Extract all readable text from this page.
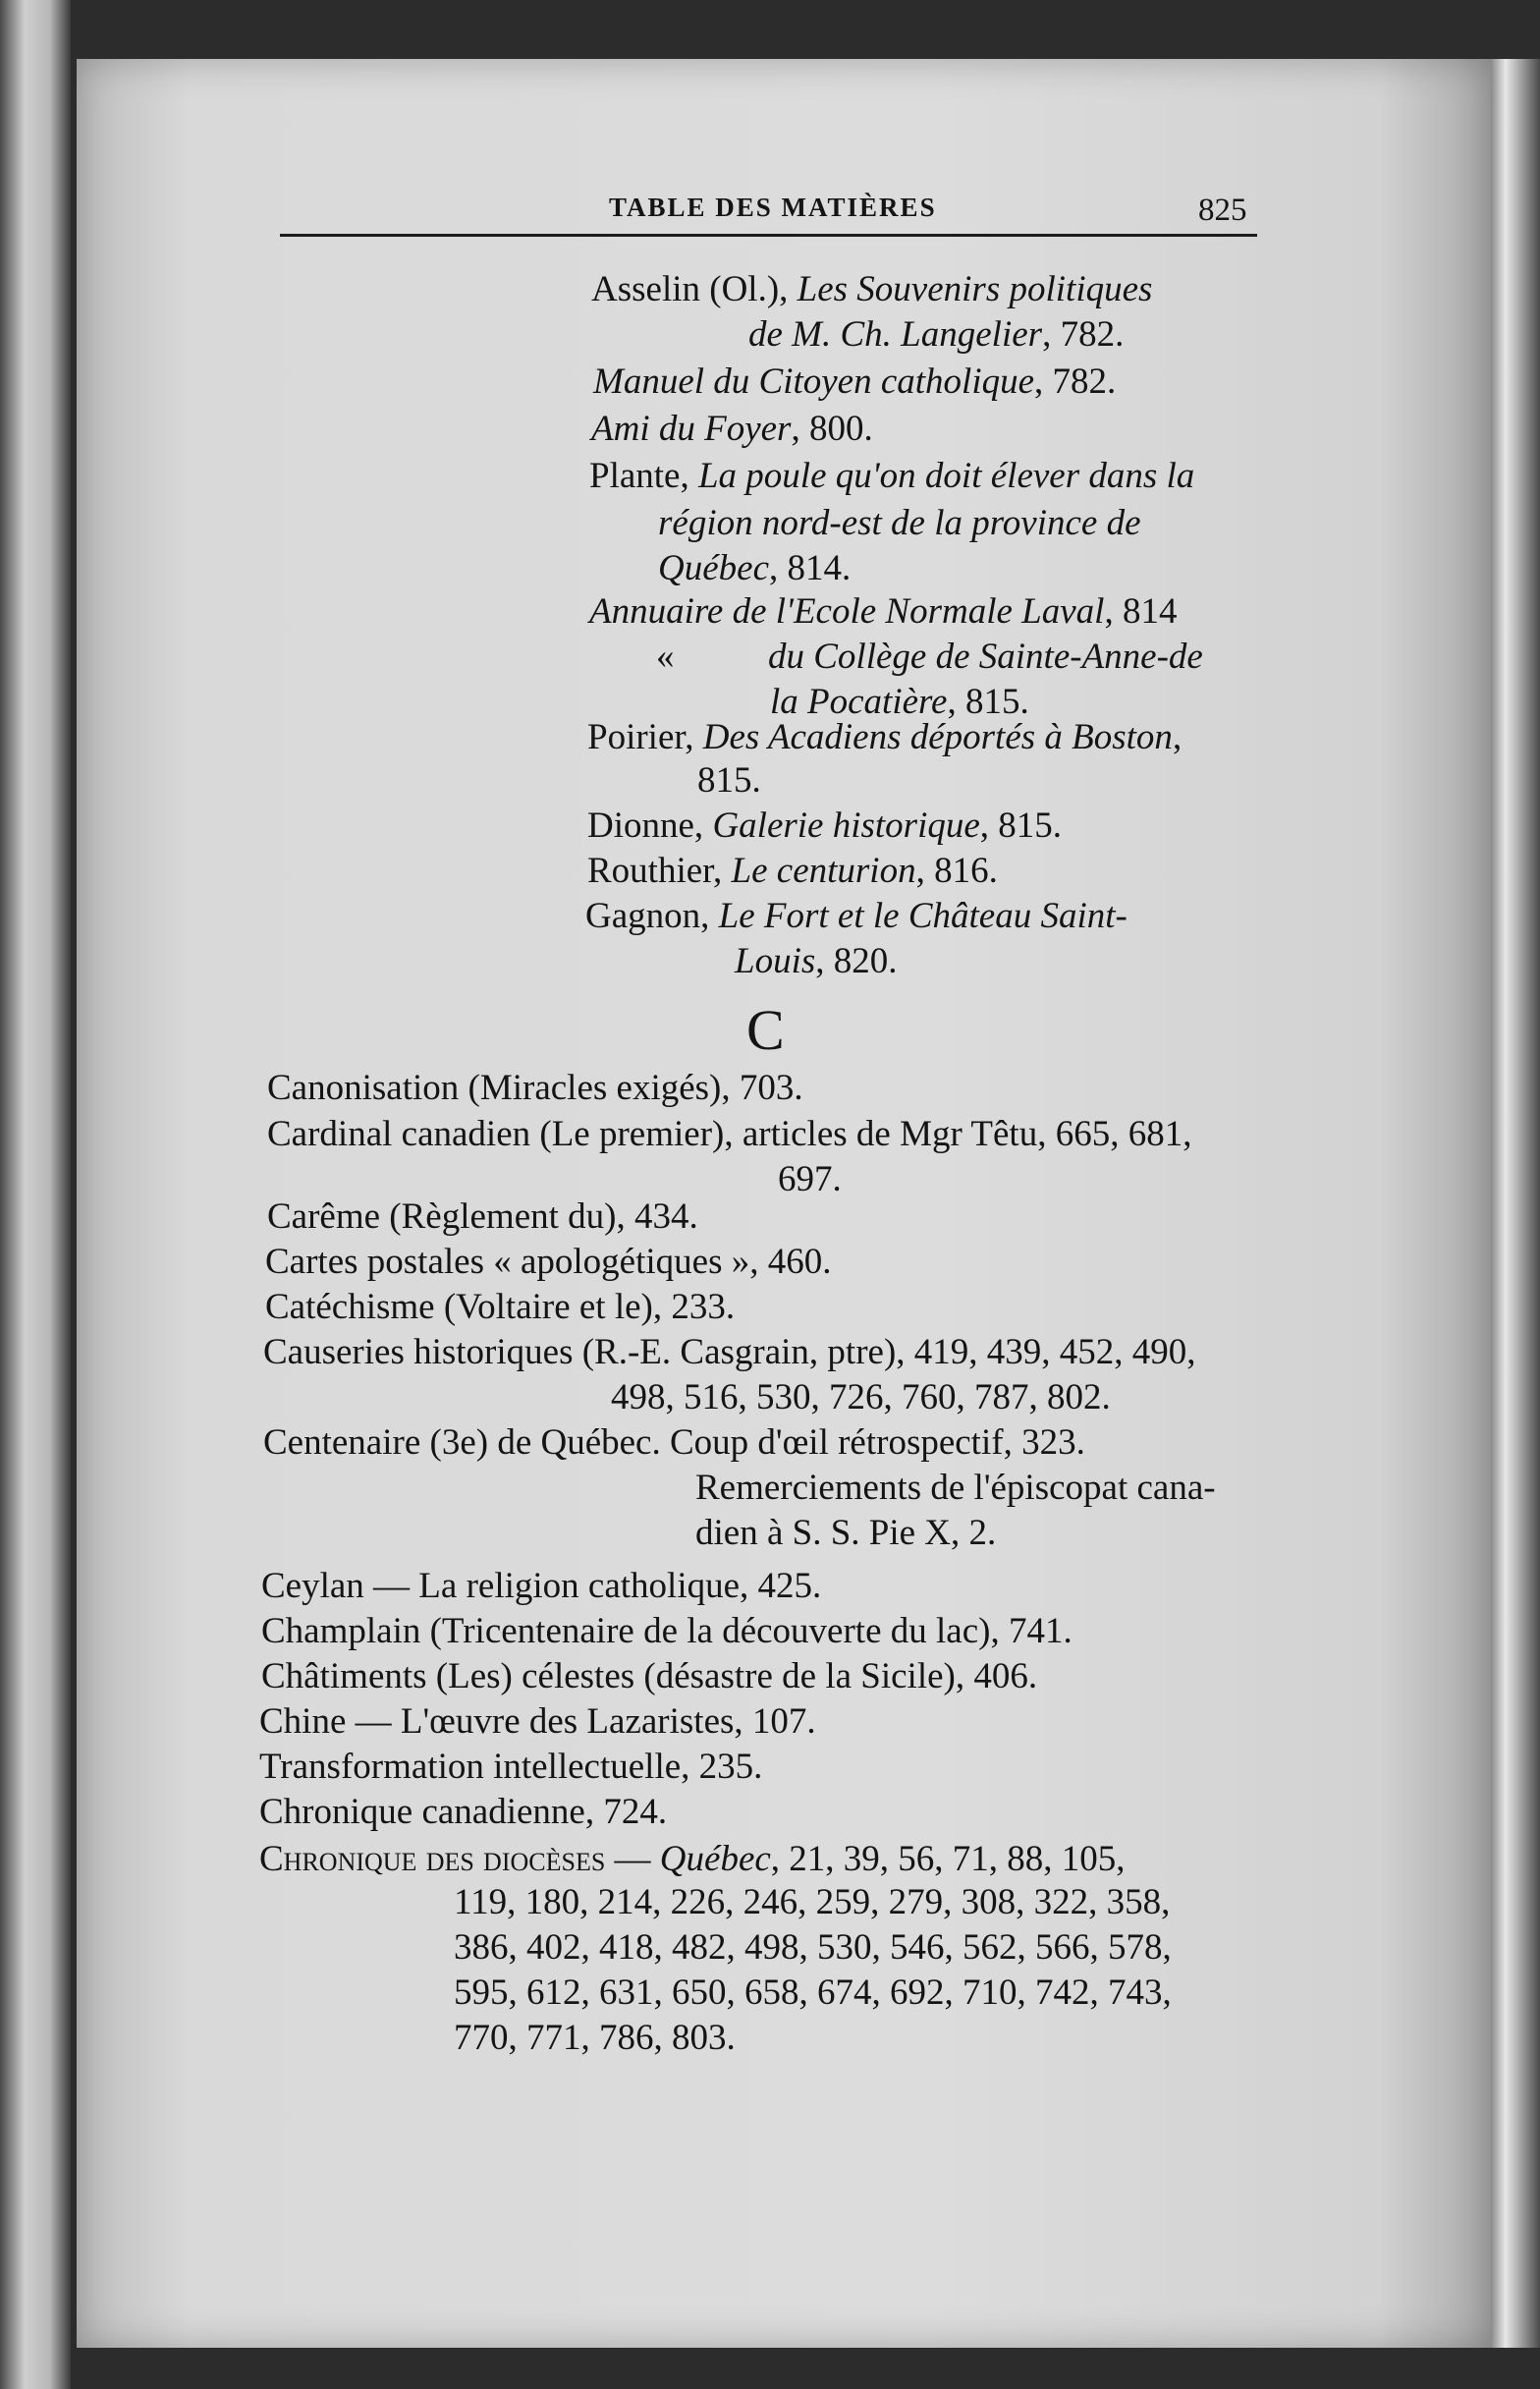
TABLE DES MATIÈRES	825
Asselin (Ol.), Les Souvenirs politiques
de M. Ch. Langelier, 782.
Manuel du Citoyen catholique, 782.
Ami du Foyer, 800.
Plante, La poule qu'on doit élever dans la
région nord-est de la province de
Québec, 814.
Annuaire de l'Ecole Normale Laval, 814
«	du Collège de Sainte-Anne-de
la Pocatière, 815.
Poirier, Des Acadiens déportés à Boston,
815.
Dionne, Galerie historique, 815.
Routhier, Le centurion, 816.
Gagnon, Le Fort et le Château Saint-
Louis, 820.
C
Canonisation (Miracles exigés), 703.
Cardinal canadien (Le premier), articles de Mgr Têtu, 665, 681,
697.
Carême (Règlement du), 434.
Cartes postales « apologétiques », 460.
Catéchisme (Voltaire et le), 233.
Causeries historiques (R.-E. Casgrain, ptre), 419, 439, 452, 490,
498, 516, 530, 726, 760, 787, 802.
Centenaire (3e) de Québec. Coup d'œil rétrospectif, 323.
Remerciements de l'épiscopat cana-
dien à S. S. Pie X, 2.
Ceylan — La religion catholique, 425.
Champlain (Tricentenaire de la découverte du lac), 741.
Châtiments (Les) célestes (désastre de la Sicile), 406.
Chine — L'œuvre des Lazaristes, 107.
Transformation intellectuelle, 235.
Chronique canadienne, 724.
Chronique des diocèses — Québec, 21, 39, 56, 71, 88, 105,
119, 180, 214, 226, 246, 259, 279, 308, 322, 358,
386, 402, 418, 482, 498, 530, 546, 562, 566, 578,
595, 612, 631, 650, 658, 674, 692, 710, 742, 743,
770, 771, 786, 803.
